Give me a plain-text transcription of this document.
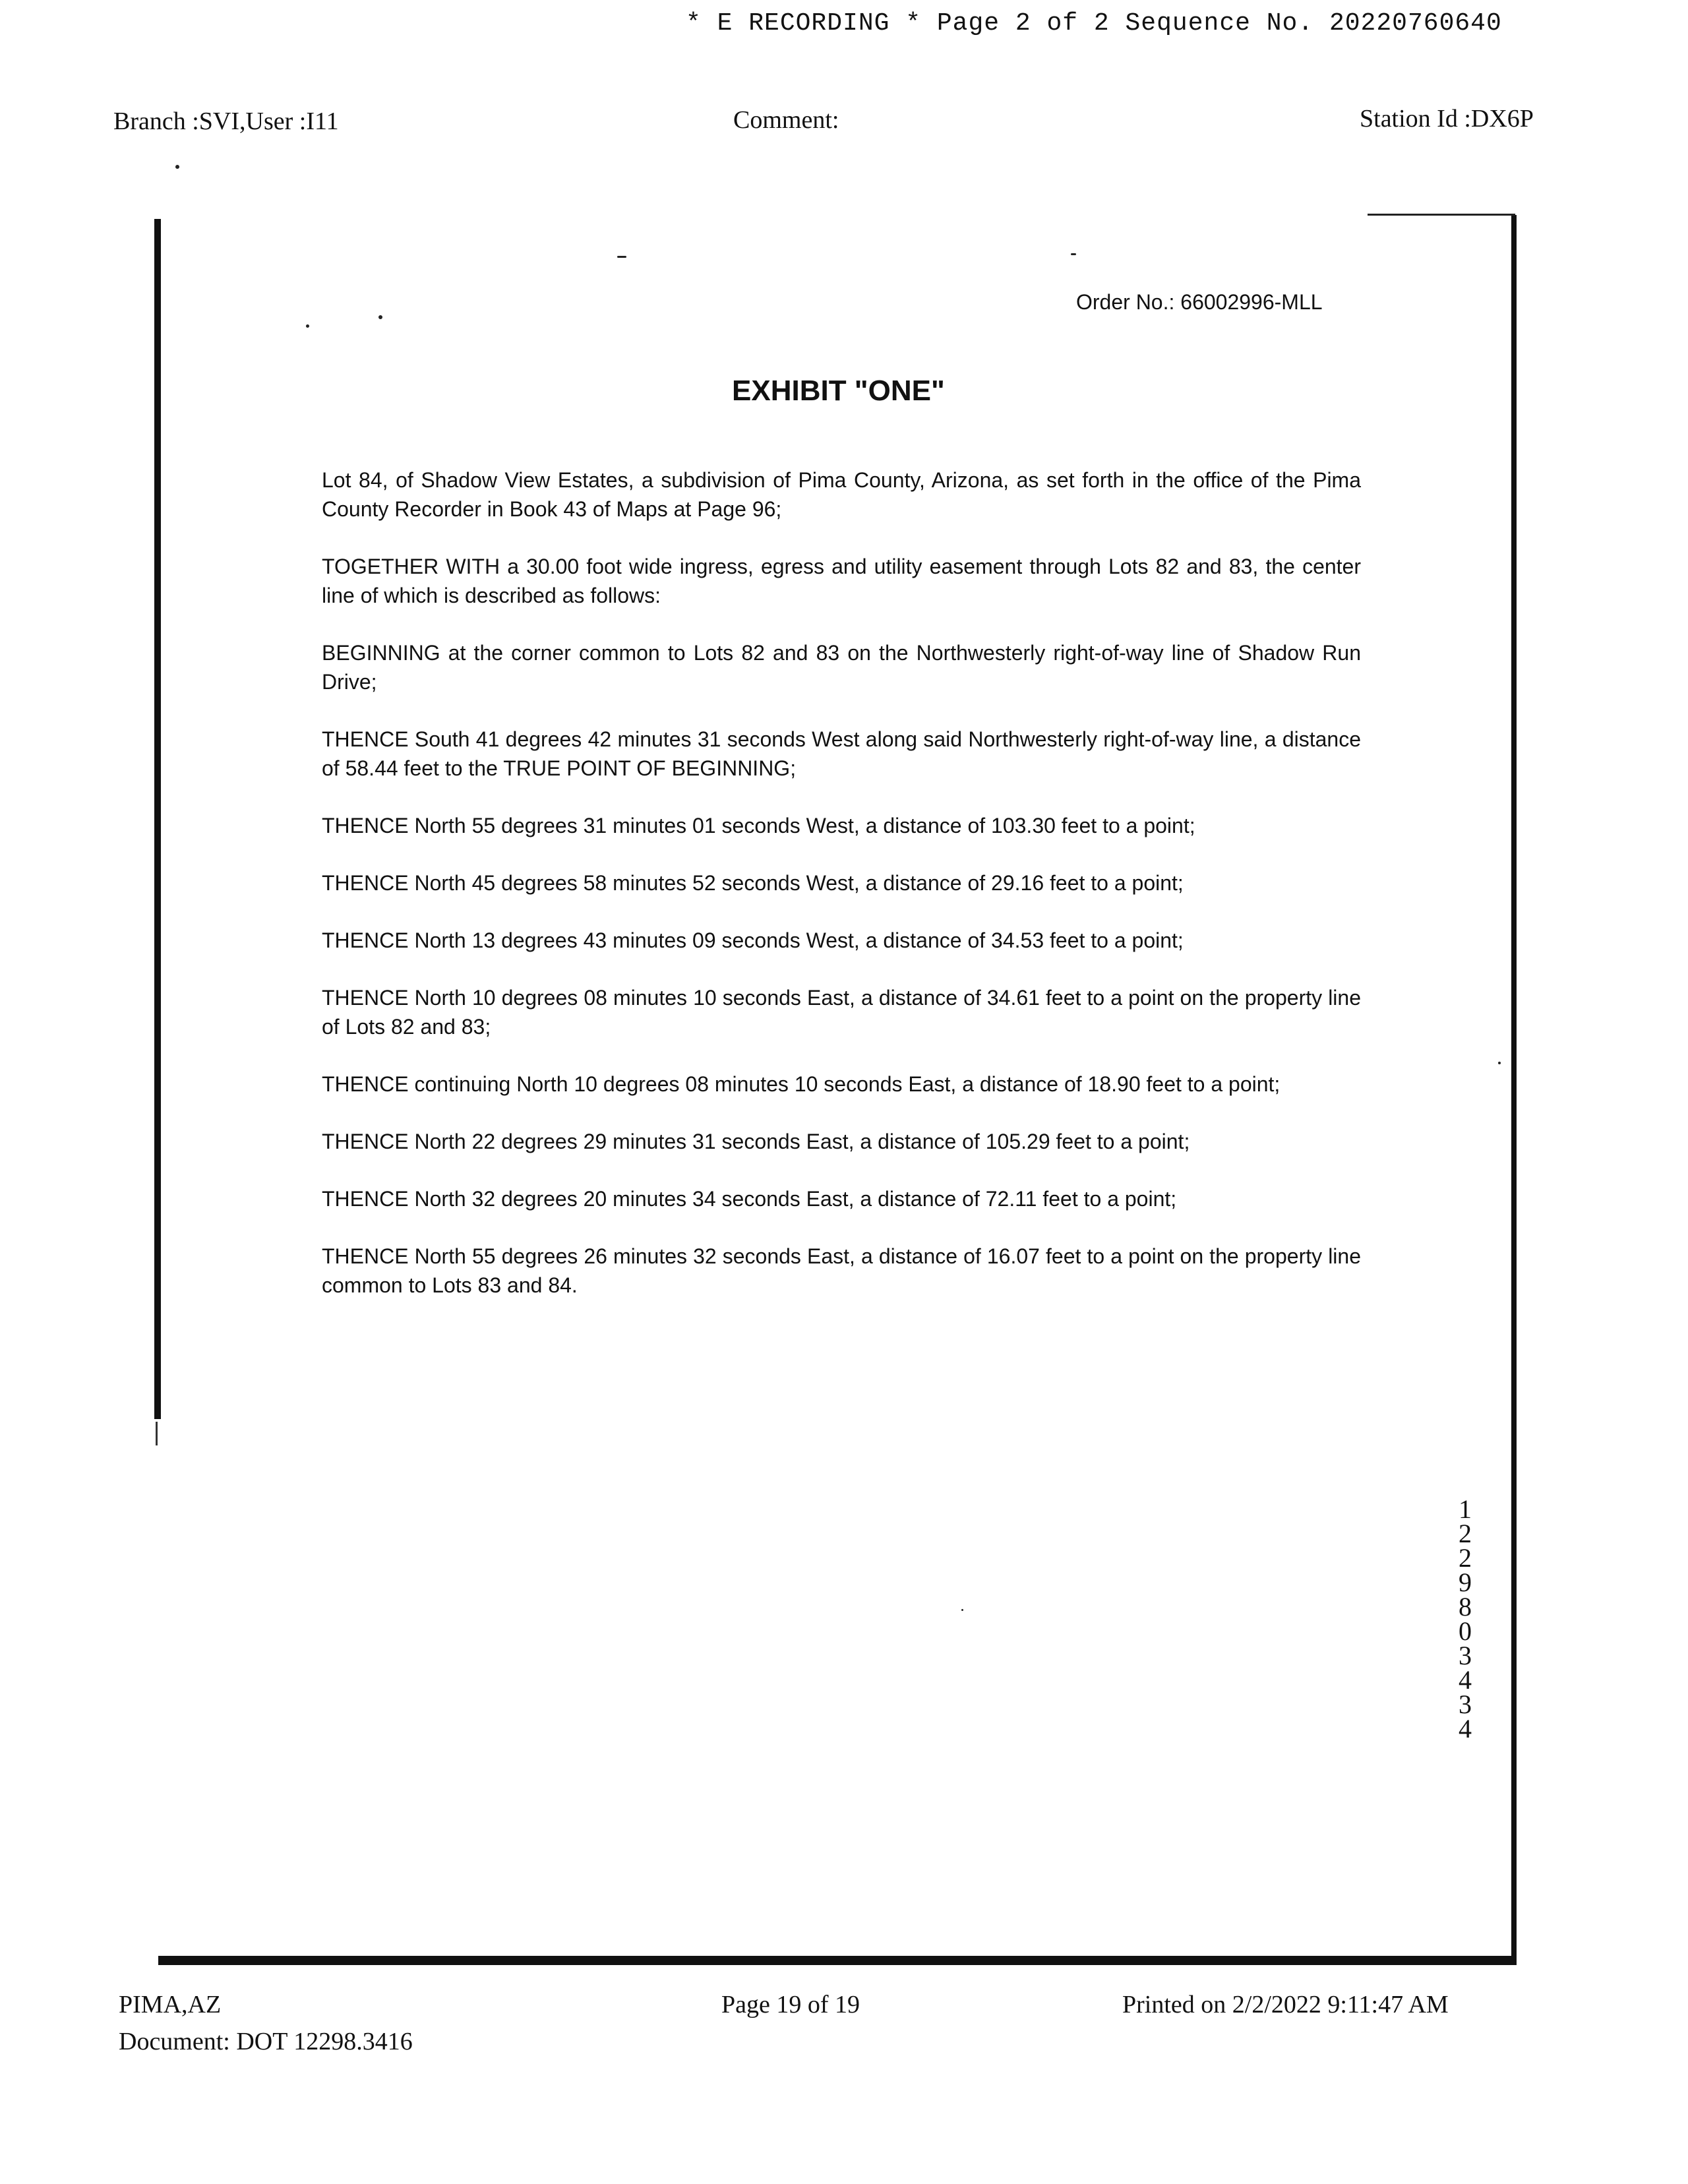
* E RECORDING * Page 2 of 2 Sequence No. 20220760640
Branch :SVI,User :I11	Comment:	Station Id :DX6P
Order No.: 66002996-MLL
EXHIBIT "ONE"

Lot 84, of Shadow View Estates, a subdivision of Pima County, Arizona, as set forth in the office of the Pima County Recorder in Book 43 of Maps at Page 96;

TOGETHER WITH a 30.00 foot wide ingress, egress and utility easement through Lots 82 and 83, the center line of which is described as follows:

BEGINNING at the corner common to Lots 82 and 83 on the Northwesterly right-of-way line of Shadow Run Drive;

THENCE South 41 degrees 42 minutes 31 seconds West along said Northwesterly right-of-way line, a distance of 58.44 feet to the TRUE POINT OF BEGINNING;

THENCE North 55 degrees 31 minutes 01 seconds West, a distance of 103.30 feet to a point;

THENCE North 45 degrees 58 minutes 52 seconds West, a distance of 29.16 feet to a point;

THENCE North 13 degrees 43 minutes 09 seconds West, a distance of 34.53 feet to a point;

THENCE North 10 degrees 08 minutes 10 seconds East, a distance of 34.61 feet to a point on the property line of Lots 82 and 83;

THENCE continuing North 10 degrees 08 minutes 10 seconds East, a distance of 18.90 feet to a point;

THENCE North 22 degrees 29 minutes 31 seconds East, a distance of 105.29 feet to a point;

THENCE North 32 degrees 20 minutes 34 seconds East, a distance of 72.11 feet to a point;

THENCE North 55 degrees 26 minutes 32 seconds East, a distance of 16.07 feet to a point on the property line common to Lots 83 and 84.

1
2
2
9
8
0
3
4
3
4
PIMA,AZ
Document: DOT 12298.3416
Page 19 of 19	Printed on 2/2/2022 9:11:47 AM
